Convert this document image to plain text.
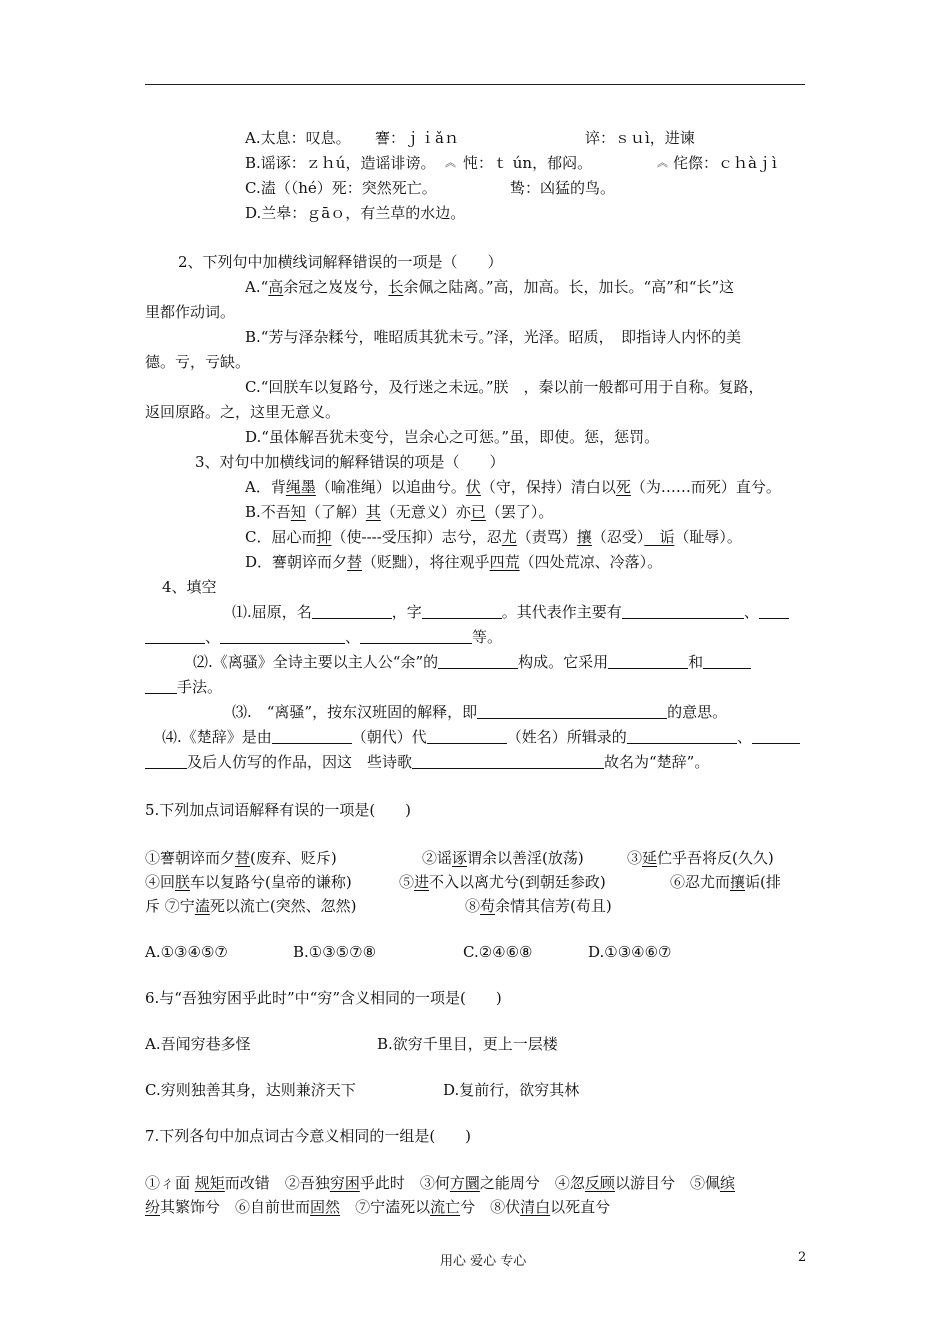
A.太息：叹息。 謇：ｊｉǎｎ	谇：ｓｕì，进谏
B.谣诼：ｚｈú，造谣诽谤。 ︽ 忳：ｔ ún，郁闷。	︽ 侘傺：ｃｈàｊì
C.溘（（hé）死：突然死亡。	鸷：凶猛的鸟。
D.兰皋：ｇāｏ，有兰草的水边。
2、下列句中加横线词解释错误的一项是（　　）
A.“高余冠之岌岌兮，长余佩之陆离。”高，加高。长，加长。“高”和“长”这
里都作动词。
B.“芳与泽杂糅兮，唯昭质其犹未亏。”泽，光泽。昭质，　即指诗人内怀的美
德。亏，亏缺。
C.“回朕车以复路兮，及行迷之未远。”朕　，秦以前一般都可用于自称。复路，
返回原路。之，这里无意义。
D.“虽体解吾犹未变兮，岂余心之可惩。”虽，即使。惩，惩罚。
3、对句中加横线词的解释错误的项是（　　）
A．背绳墨（喻准绳）以追曲兮。伏（守，保持）清白以死（为……而死）直兮。
B.不吾知（了解）其（无意义）亦已（罢了）。
C．屈心而抑（使----受压抑）志兮，忍尤（责骂）攘（忍受）　诟（耻辱）。
D．謇朝谇而夕替（贬黜），将往观乎四荒（四处荒凉、冷落）。
4、填空
⑴.屈原，名	，字	。其代表作主要有	、
、	、	等。
⑵.《离骚》全诗主要以主人公“余”的	构成。它采用	和
手法。
⑶.　“离骚”，按东汉班固的解释，即	的意思。
⑷.《楚辞》是由	（朝代）代	（姓名）所辑录的	、
及后人仿写的作品，因这　些诗歌	故名为“楚辞”。
5.下列加点词语解释有误的一项是(　　)
①謇朝谇而夕替(废弃、贬斥)	②谣诼谓余以善淫(放荡)	③延伫乎吾将反(久久)
④回朕车以复路兮(皇帝的谦称)	⑤进不入以离尤兮(到朝廷参政)	⑥忍尤而攘诟(排
斥 ⑦宁溘死以流亡(突然、忽然)	⑧苟余情其信芳(苟且)
A.①③④⑤⑦	B.①③⑤⑦⑧	C.②④⑥⑧	D.①③④⑥⑦
6.与“吾独穷困乎此时”中“穷”含义相同的一项是(　　)
A.吾闻穷巷多怪	B.欲穷千里目，更上一层楼
C.穷则独善其身，达则兼济天下	D.复前行，欲穷其林
7.下列各句中加点词古今意义相同的一组是(　　)
①ㄔ面 规矩而改错  ②吾独穷困乎此时  ③何方圜之能周兮  ④忽反顾以游目兮  ⑤佩缤
纷其繁饰兮  ⑥自前世而固然  ⑦宁溘死以流亡兮  ⑧伏清白以死直兮
用心 爱心 专心	2
